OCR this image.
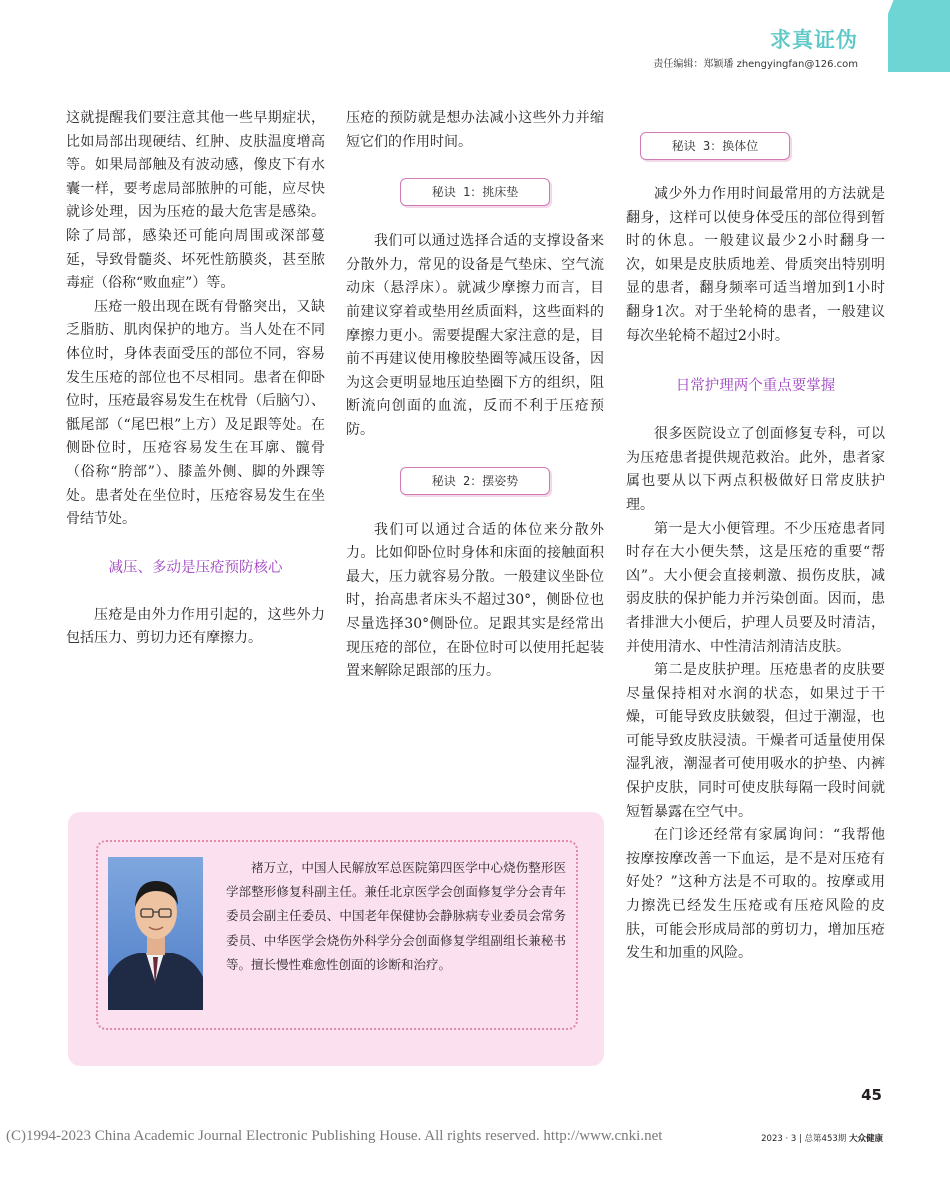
求真证伪
责任编辑：郑颖璠 zhengyingfan@126.com

这就提醒我们要注意其他一些早期症状，比如局部出现硬结、红肿、皮肤温度增高等。如果局部触及有波动感，像皮下有水囊一样，要考虑局部脓肿的可能，应尽快就诊处理，因为压疮的最大危害是感染。除了局部，感染还可能向周围或深部蔓延，导致骨髓炎、坏死性筋膜炎，甚至脓毒症（俗称“败血症”）等。

压疮一般出现在既有骨骼突出，又缺乏脂肪、肌肉保护的地方。当人处在不同体位时，身体表面受压的部位不同，容易发生压疮的部位也不尽相同。患者在仰卧位时，压疮最容易发生在枕骨（后脑勺）、骶尾部（“尾巴根”上方）及足跟等处。在侧卧位时，压疮容易发生在耳廓、髋骨（俗称“胯部”）、膝盖外侧、脚的外踝等处。患者处在坐位时，压疮容易发生在坐骨结节处。

减压、多动是压疮预防核心

压疮是由外力作用引起的，这些外力包括压力、剪切力还有摩擦力。

压疮的预防就是想办法减小这些外力并缩短它们的作用时间。

秘诀 1：挑床垫

我们可以通过选择合适的支撑设备来分散外力，常见的设备是气垫床、空气流动床（悬浮床）。就减少摩擦力而言，目前建议穿着或垫用丝质面料，这些面料的摩擦力更小。需要提醒大家注意的是，目前不再建议使用橡胶垫圈等减压设备，因为这会更明显地压迫垫圈下方的组织，阻断流向创面的血流，反而不利于压疮预防。

秘诀 2：摆姿势

我们可以通过合适的体位来分散外力。比如仰卧位时身体和床面的接触面积最大，压力就容易分散。一般建议坐卧位时，抬高患者床头不超过30°，侧卧位也尽量选择30°侧卧位。足跟其实是经常出现压疮的部位，在卧位时可以使用托起装置来解除足跟部的压力。

秘诀 3：换体位

减少外力作用时间最常用的方法就是翻身，这样可以使身体受压的部位得到暂时的休息。一般建议最少2小时翻身一次，如果是皮肤质地差、骨质突出特别明显的患者，翻身频率可适当增加到1小时翻身1次。对于坐轮椅的患者，一般建议每次坐轮椅不超过2小时。

日常护理两个重点要掌握

很多医院设立了创面修复专科，可以为压疮患者提供规范救治。此外，患者家属也要从以下两点积极做好日常皮肤护理。

第一是大小便管理。不少压疮患者同时存在大小便失禁，这是压疮的重要“帮凶”。大小便会直接刺激、损伤皮肤，减弱皮肤的保护能力并污染创面。因而，患者排泄大小便后，护理人员要及时清洁，并使用清水、中性清洁剂清洁皮肤。

第二是皮肤护理。压疮患者的皮肤要尽量保持相对水润的状态，如果过于干燥，可能导致皮肤皴裂，但过于潮湿，也可能导致皮肤浸渍。干燥者可适量使用保湿乳液，潮湿者可使用吸水的护垫、内裤保护皮肤，同时可使皮肤每隔一段时间就短暂暴露在空气中。

在门诊还经常有家属询问：“我帮他按摩按摩改善一下血运，是不是对压疮有好处？”这种方法是不可取的。按摩或用力擦洗已经发生压疮或有压疮风险的皮肤，可能会形成局部的剪切力，增加压疮发生和加重的风险。

褚万立，中国人民解放军总医院第四医学中心烧伤整形医学部整形修复科副主任。兼任北京医学会创面修复学分会青年委员会副主任委员、中国老年保健协会静脉病专业委员会常务委员、中华医学会烧伤外科学分会创面修复学组副组长兼秘书等。擅长慢性难愈性创面的诊断和治疗。
45
(C)1994-2023 China Academic Journal Electronic Publishing House. All rights reserved. http://www.cnki.net	2023 · 3 | 总第453期 大众健康
